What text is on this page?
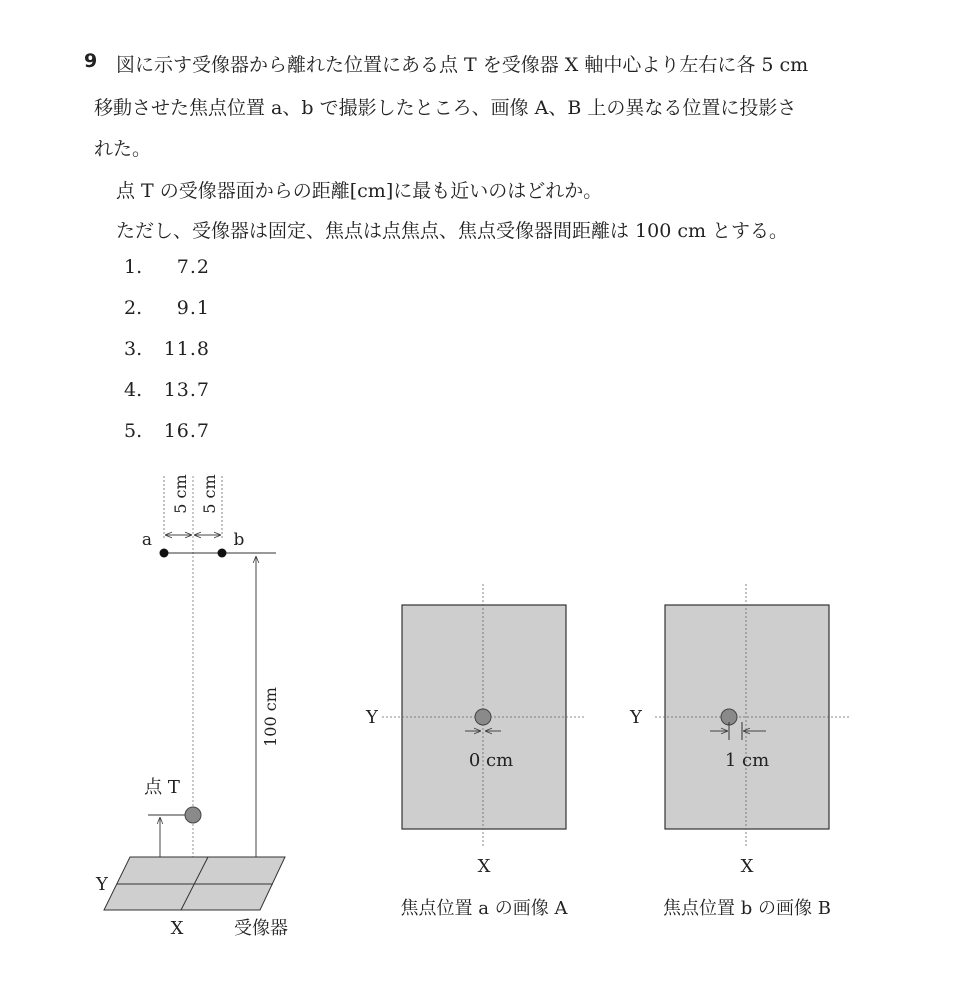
9 図に示す受像器から離れた位置にある点 T を受像器 X 軸中心より左右に各 5 cm
移動させた焦点位置 a、b で撮影したところ、画像 A、B 上の異なる位置に投影さ
れた。
点 T の受像器面からの距離[cm]に最も近いのはどれか。
ただし、受像器は固定、焦点は点焦点、焦点受像器間距離は 100 cm とする。
1. 7.2
2. 9.1
3. 11.8
4. 13.7
5. 16.7
5 cm 5 cm
a	b
100 cm
点 T
Y
X	受像器
0 cm
Y
X
焦点位置 a の画像 A
1 cm
Y
X
焦点位置 b の画像 B
